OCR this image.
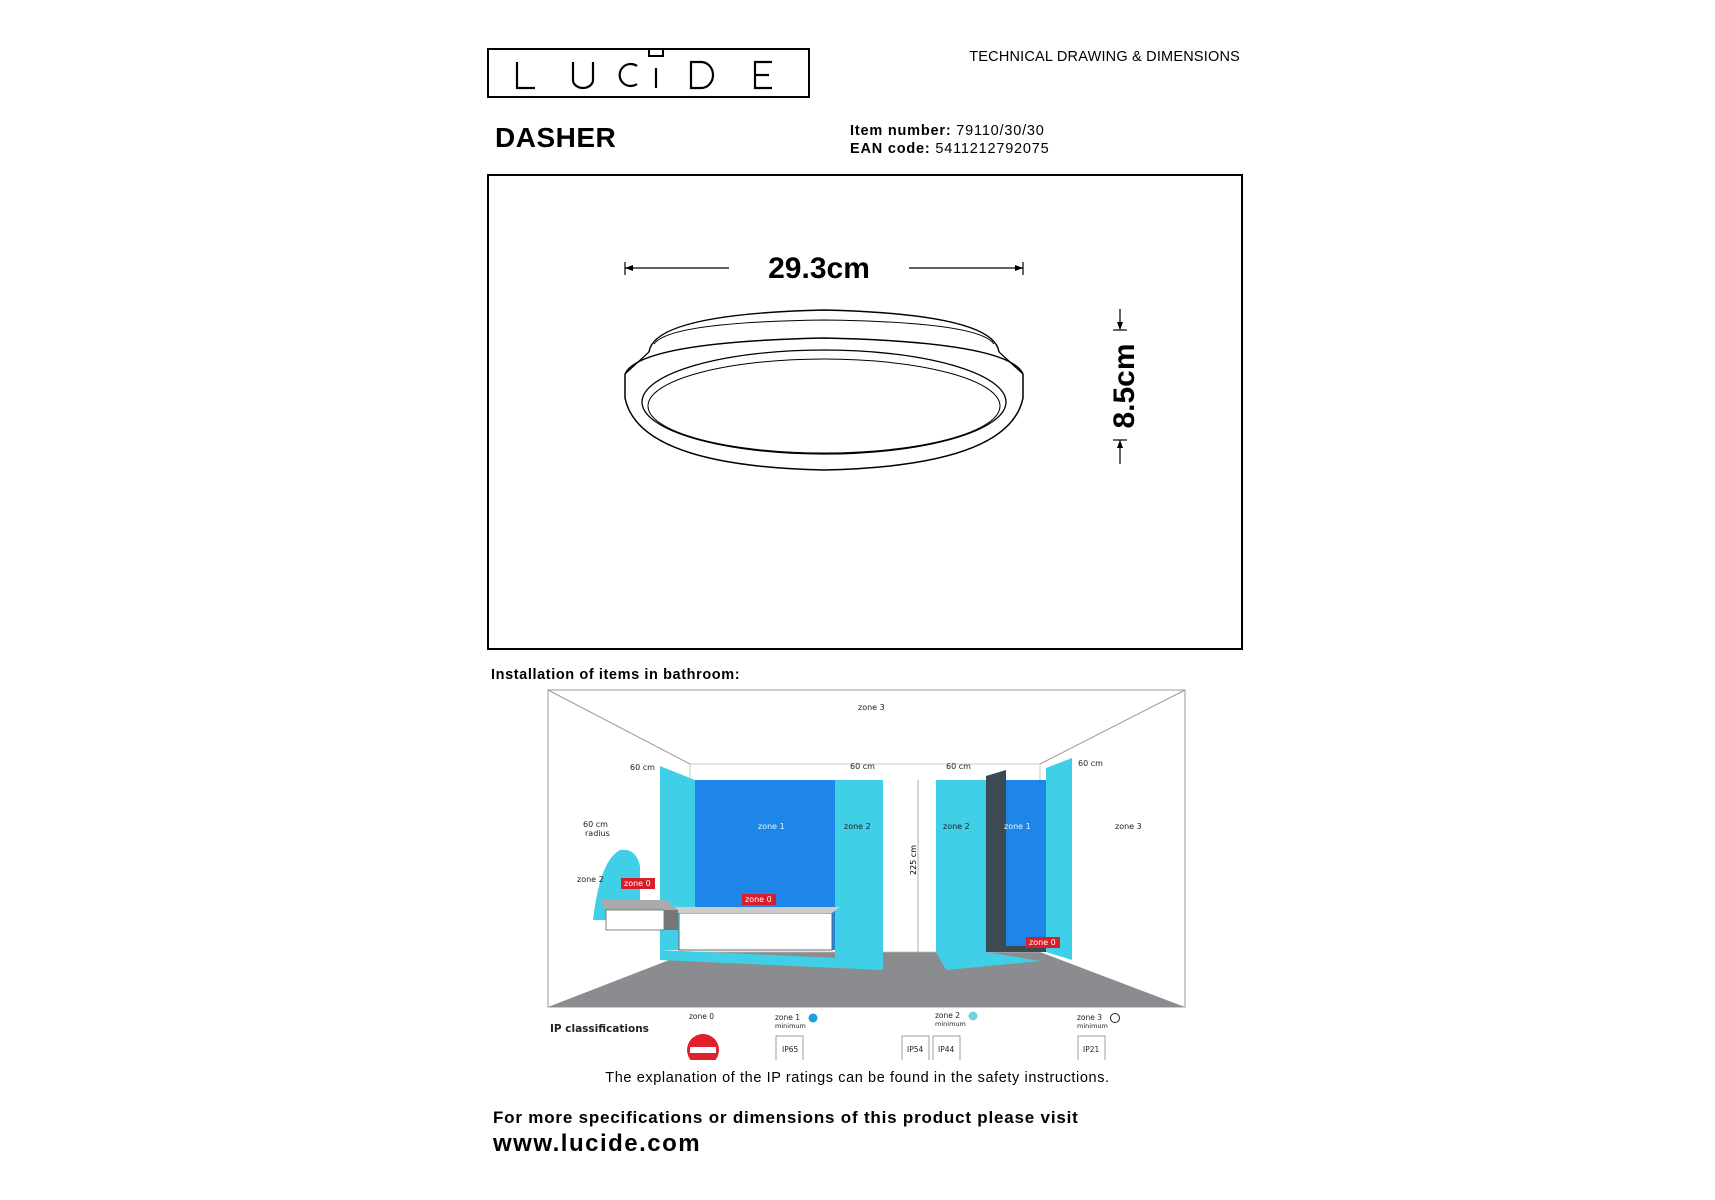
TECHNICAL DRAWING & DIMENSIONS
DASHER	Item number: 79110/30/30
EAN code: 5411212792075
29.3cm
8.5cm
Installation of items in bathroom:
225 cm
60 cm	60 cm	60 cm	60 cm
60 cm
radius
zone 3
zone 3
zone 1	zone 2	zone 2	zone 1
zone 2	zone 0
zone 0
zone 0
IP classifications
zone 0	zone 1
minimum
IP65
zone 2
minimum
IP54 IP44
zone 3
minimum
IP21
The explanation of the IP ratings can be found in the safety instructions.
For more specifications or dimensions of this product please visit
www.lucide.com
